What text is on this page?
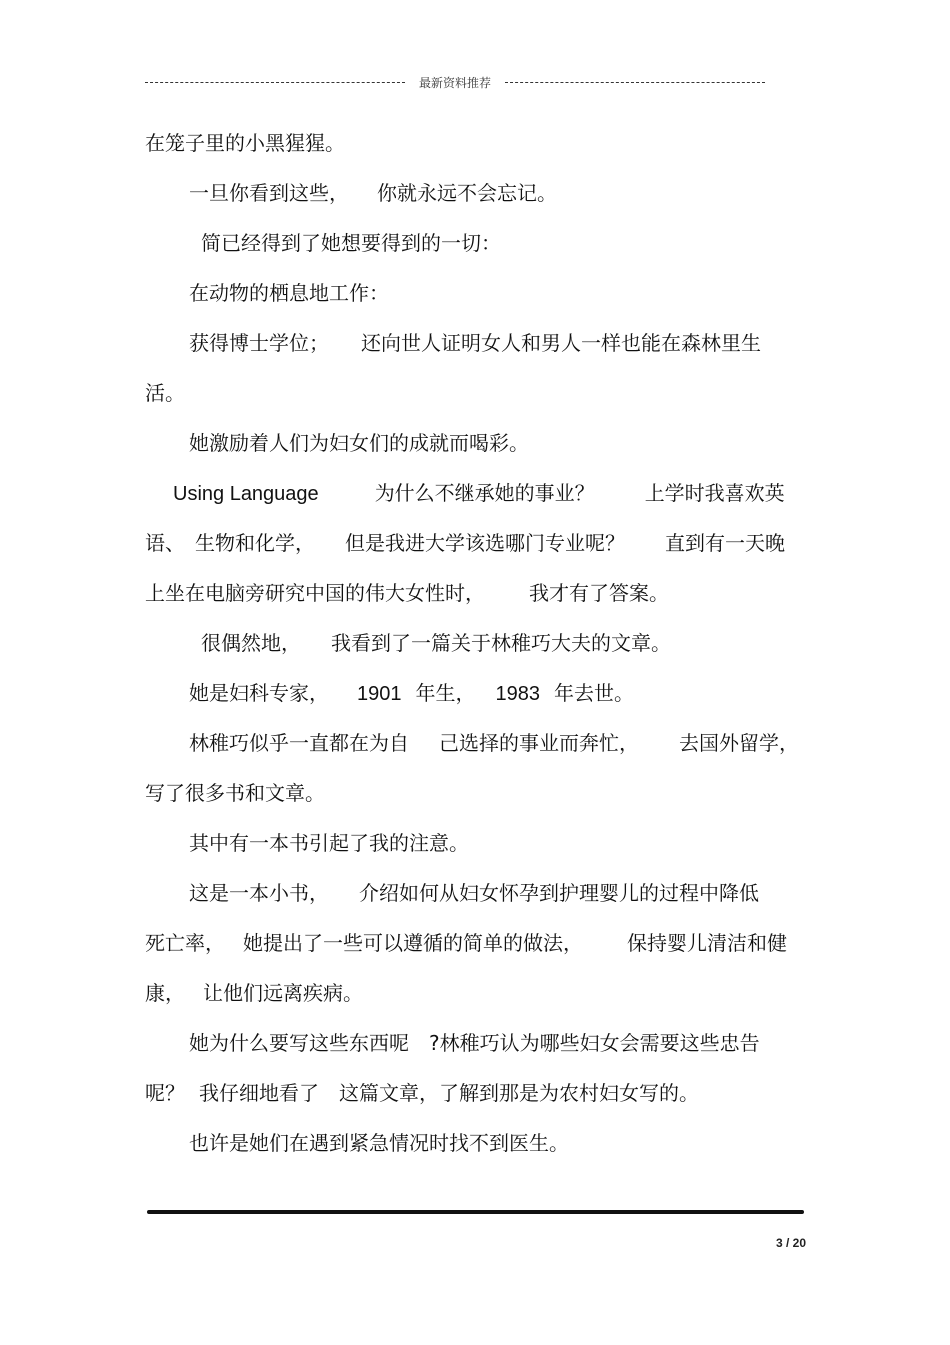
最新资料推荐
在笼子里的小黑猩猩。
一旦你看到这些， 你就永远不会忘记。
简已经得到了她想要得到的一切：
在动物的栖息地工作：
获得博士学位； 还向世人证明女人和男人一样也能在森林里生
活。
她激励着人们为妇女们的成就而喝彩。
Using Language	为什么不继承她的事业？	上学时我喜欢英
语、 生物和化学， 但是我进大学该选哪门专业呢？ 直到有一天晚
上坐在电脑旁研究中国的伟大女性时， 我才有了答案。
很偶然地， 我看到了一篇关于林稚巧大夫的文章。
她是妇科专家， 1901 年生， 1983 年去世。
林稚巧似乎一直都在为自 己选择的事业而奔忙， 去国外留学，
写了很多书和文章。
其中有一本书引起了我的注意。
这是一本小书， 介绍如何从妇女怀孕到护理婴儿的过程中降低
死亡率， 她提出了一些可以遵循的简单的做法， 保持婴儿清洁和健
康， 让他们远离疾病。
她为什么要写这些东西呢 ?林稚巧认为哪些妇女会需要这些忠告
呢？ 我仔细地看了 这篇文章，了解到那是为农村妇女写的。
也许是她们在遇到紧急情况时找不到医生。
3 / 20
